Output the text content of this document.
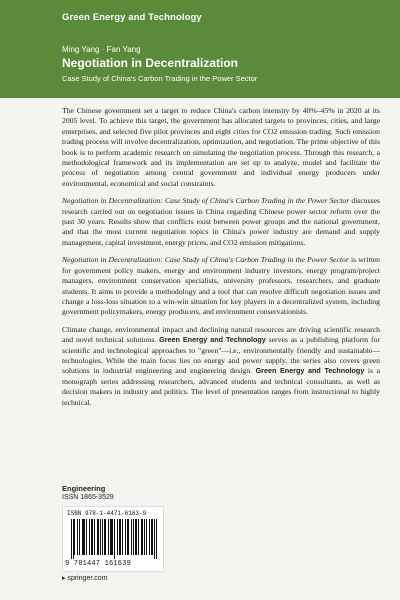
Green Energy and Technology
Ming Yang · Fan Yang
Negotiation in Decentralization
Case Study of China's Carbon Trading in the Power Sector

The Chinese government set a target to reduce China's carbon intensity by 40%–45% in 2020 at its 2005 level. To achieve this target, the government has allocated targets to provinces, cities, and large enterprises, and selected five pilot provinces and eight cities for CO2 emission trading. Such emission trading process will involve decentralization, optimization, and negotiation. The prime objective of this book is to perform academic research on simulating the negotiation process. Through this research, a methodological framework and its implementation are set up to analyze, model and facilitate the process of negotiation among central government and individual energy producers under environmental, economical and social constraints.

Negotiation in Decentralization: Case Study of China's Carbon Trading in the Power Sector discusses research carried out on negotiation issues in China regarding Chinese power sector reform over the past 30 years. Results show that conflicts exist between power groups and the national government, and that the most current negotiation topics in China's power industry are demand and supply management, capital investment, energy prices, and CO2 emission mitigations.

Negotiation in Decentralization: Case Study of China's Carbon Trading in the Power Sector is written for government policy makers, energy and environment industry investors, energy program/project managers, environment conservation specialists, university professors, researchers, and graduate students. It aims to provide a methodology and a tool that can resolve difficult negotiation issues and change a loss-loss situation to a win-win situation for key players in a decentralized system, including government policymakers, energy producers, and environment conservationists.

Climate change, environmental impact and declining natural resources are driving scientific research and novel technical solutions. Green Energy and Technology serves as a publishing platform for scientific and technological approaches to "green"—i.e., environmentally friendly and sustainable—technologies. While the main focus lies on energy and power supply, the series also covers green solutions in industrial engineering and engineering design. Green Energy and Technology is a monograph series addressing researchers, advanced students and technical consultants, as well as decision makers in industry and politics. The level of presentation ranges from instructional to highly technical.

Engineering
ISSN 1865-3529
ISBN 978-1-4471-6163-9
9 781447 161639
▸ springer.com
